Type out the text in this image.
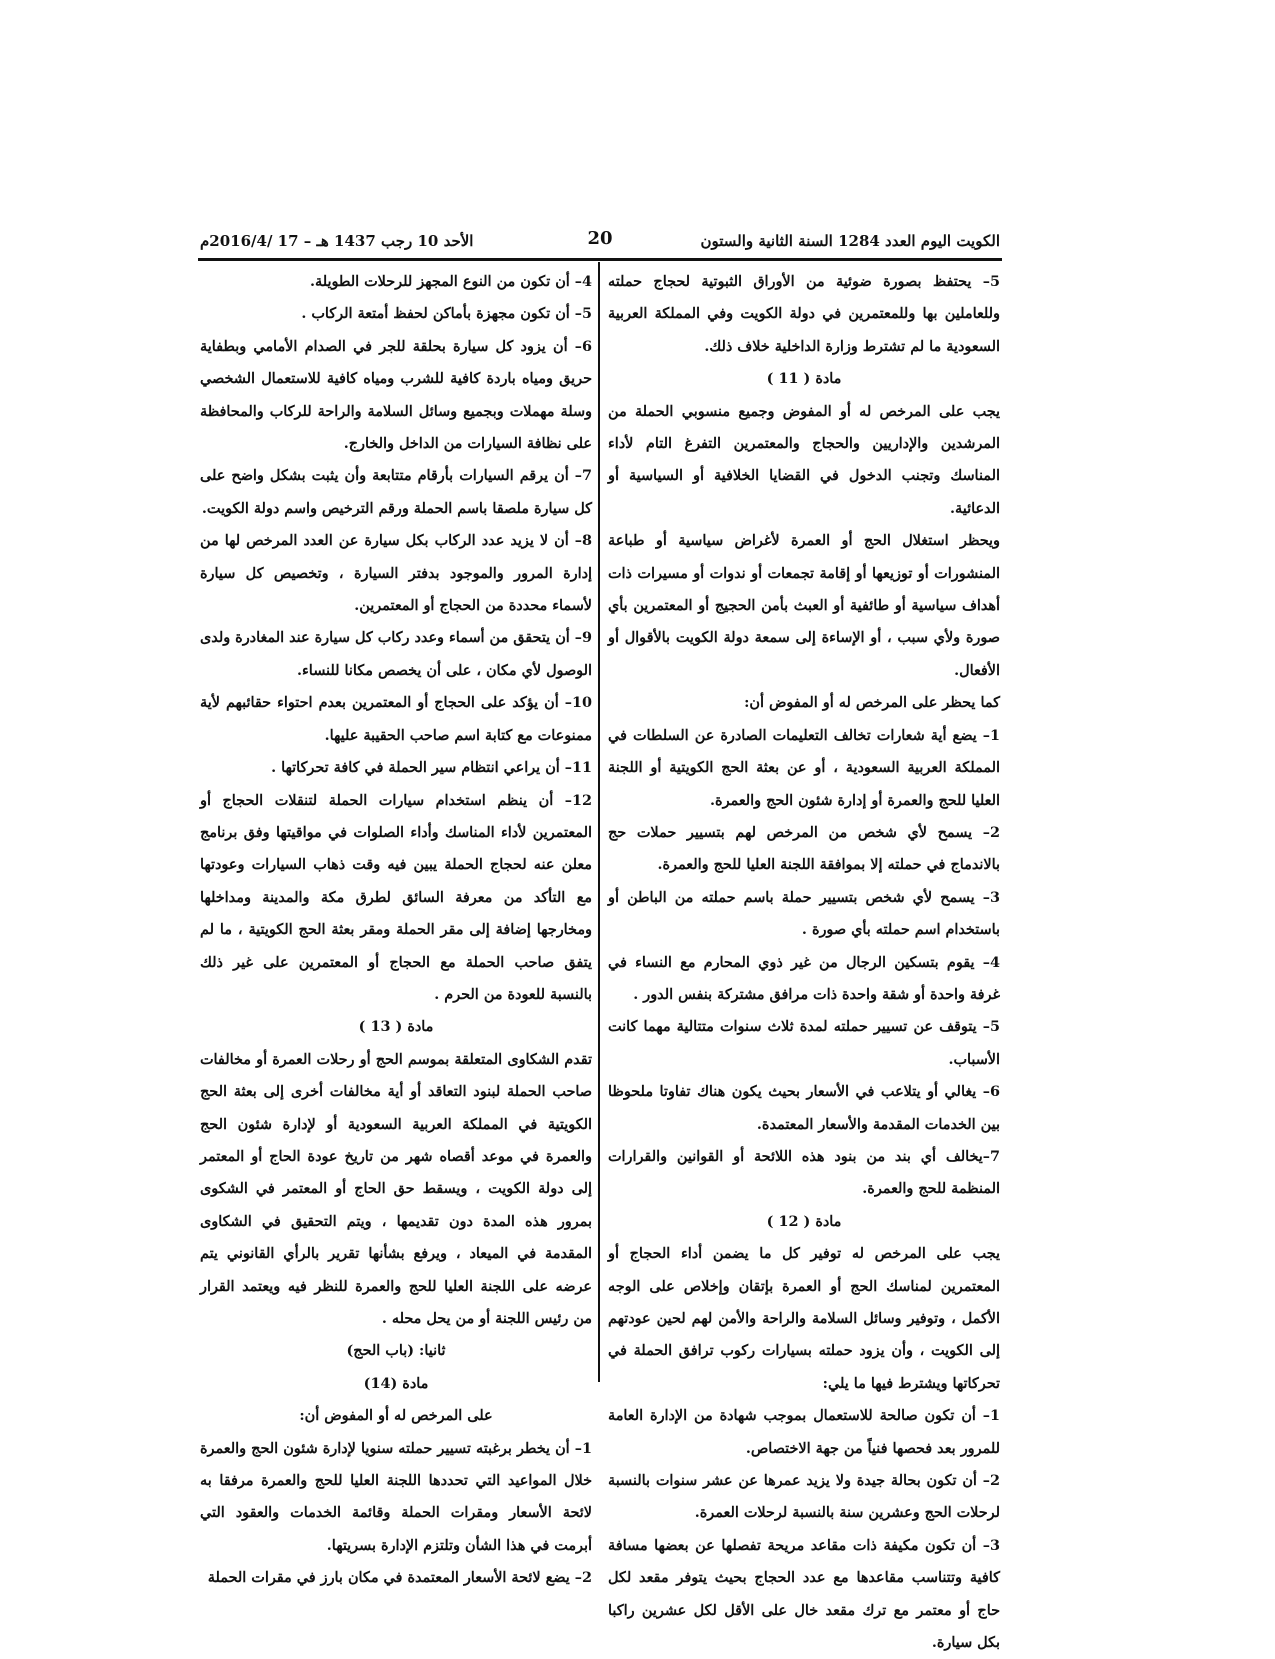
الكويت اليوم العدد 1284 السنة الثانية والستون
20
الأحد 10 رجب 1437 هـ – 17 /2016/4م

5– يحتفظ بصورة ضوئية من الأوراق الثبوتية لحجاج حملته وللعاملين بها وللمعتمرين في دولة الكويت وفي المملكة العربية السعودية ما لم تشترط وزارة الداخلية خلاف ذلك.

مادة ( 11 )

يجب على المرخص له أو المفوض وجميع منسوبي الحملة من المرشدين والإداريين والحجاج والمعتمرين التفرغ التام لأداء المناسك وتجنب الدخول في القضايا الخلافية أو السياسية أو الدعائية.

ويحظر استغلال الحج أو العمرة لأغراض سياسية أو طباعة المنشورات أو توزيعها أو إقامة تجمعات أو ندوات أو مسيرات ذات أهداف سياسية أو طائفية أو العبث بأمن الحجيج أو المعتمرين بأي صورة ولأي سبب ، أو الإساءة إلى سمعة دولة الكويت بالأقوال أو الأفعال.

كما يحظر على المرخص له أو المفوض أن:

1– يضع أية شعارات تخالف التعليمات الصادرة عن السلطات في المملكة العربية السعودية ، أو عن بعثة الحج الكويتية أو اللجنة العليا للحج والعمرة أو إدارة شئون الحج والعمرة.

2– يسمح لأي شخص من المرخص لهم بتسيير حملات حج بالاندماج في حملته إلا بموافقة اللجنة العليا للحج والعمرة.

3– يسمح لأي شخص بتسيير حملة باسم حملته من الباطن أو باستخدام اسم حملته بأي صورة .

4– يقوم بتسكين الرجال من غير ذوي المحارم مع النساء في غرفة واحدة أو شقة واحدة ذات مرافق مشتركة بنفس الدور .

5– يتوقف عن تسيير حملته لمدة ثلاث سنوات متتالية مهما كانت الأسباب.

6– يغالي أو يتلاعب في الأسعار بحيث يكون هناك تفاوتا ملحوظا بين الخدمات المقدمة والأسعار المعتمدة.

7–يخالف أي بند من بنود هذه اللائحة أو القوانين والقرارات المنظمة للحج والعمرة.

مادة ( 12 )

يجب على المرخص له توفير كل ما يضمن أداء الحجاج أو المعتمرين لمناسك الحج أو العمرة بإتقان وإخلاص على الوجه الأكمل ، وتوفير وسائل السلامة والراحة والأمن لهم لحين عودتهم إلى الكويت ، وأن يزود حملته بسيارات ركوب ترافق الحملة في تحركاتها ويشترط فيها ما يلي:

1– أن تكون صالحة للاستعمال بموجب شهادة من الإدارة العامة للمرور بعد فحصها فنياً من جهة الاختصاص.

2– أن تكون بحالة جيدة ولا يزيد عمرها عن عشر سنوات بالنسبة لرحلات الحج وعشرين سنة بالنسبة لرحلات العمرة.

3– أن تكون مكيفة ذات مقاعد مريحة تفصلها عن بعضها مسافة كافية وتتناسب مقاعدها مع عدد الحجاج بحيث يتوفر مقعد لكل حاج أو معتمر مع ترك مقعد خال على الأقل لكل عشرين راكبا بكل سيارة.

4– أن تكون من النوع المجهز للرحلات الطويلة.

5– أن تكون مجهزة بأماكن لحفظ أمتعة الركاب .

6– أن يزود كل سيارة بحلقة للجر في الصدام الأمامي وبطفاية حريق ومياه باردة كافية للشرب ومياه كافية للاستعمال الشخصي وسلة مهملات وبجميع وسائل السلامة والراحة للركاب والمحافظة على نظافة السيارات من الداخل والخارج.

7– أن يرقم السيارات بأرقام متتابعة وأن يثبت بشكل واضح على كل سيارة ملصقا باسم الحملة ورقم الترخيص واسم دولة الكويت.

8– أن لا يزيد عدد الركاب بكل سيارة عن العدد المرخص لها من إدارة المرور والموجود بدفتر السيارة ، وتخصيص كل سيارة لأسماء محددة من الحجاج أو المعتمرين.

9– أن يتحقق من أسماء وعدد ركاب كل سيارة عند المغادرة ولدى الوصول لأي مكان ، على أن يخصص مكانا للنساء.

10– أن يؤكد على الحجاج أو المعتمرين بعدم احتواء حقائبهم لأية ممنوعات مع كتابة اسم صاحب الحقيبة عليها.

11– أن يراعي انتظام سير الحملة في كافة تحركاتها .

12– أن ينظم استخدام سيارات الحملة لتنقلات الحجاج أو المعتمرين لأداء المناسك وأداء الصلوات في مواقيتها وفق برنامج معلن عنه لحجاج الحملة يبين فيه وقت ذهاب السيارات وعودتها مع التأكد من معرفة السائق لطرق مكة والمدينة ومداخلها ومخارجها إضافة إلى مقر الحملة ومقر بعثة الحج الكويتية ، ما لم يتفق صاحب الحملة مع الحجاج أو المعتمرين على غير ذلك بالنسبة للعودة من الحرم .

مادة ( 13 )

تقدم الشكاوى المتعلقة بموسم الحج أو رحلات العمرة أو مخالفات صاحب الحملة لبنود التعاقد أو أية مخالفات أخرى إلى بعثة الحج الكويتية في المملكة العربية السعودية أو لإدارة شئون الحج والعمرة في موعد أقصاه شهر من تاريخ عودة الحاج أو المعتمر إلى دولة الكويت ، ويسقط حق الحاج أو المعتمر في الشكوى بمرور هذه المدة دون تقديمها ، ويتم التحقيق في الشكاوى المقدمة في الميعاد ، ويرفع بشأنها تقرير بالرأي القانوني يتم عرضه على اللجنة العليا للحج والعمرة للنظر فيه ويعتمد القرار من رئيس اللجنة أو من يحل محله .

ثانيا: (باب الحج)

مادة (14)

على المرخص له أو المفوض أن:

1– أن يخطر برغبته تسيير حملته سنويا لإدارة شئون الحج والعمرة خلال المواعيد التي تحددها اللجنة العليا للحج والعمرة مرفقا به لائحة الأسعار ومقرات الحملة وقائمة الخدمات والعقود التي أبرمت في هذا الشأن وتلتزم الإدارة بسريتها.

2– يضع لائحة الأسعار المعتمدة في مكان بارز في مقرات الحملة
